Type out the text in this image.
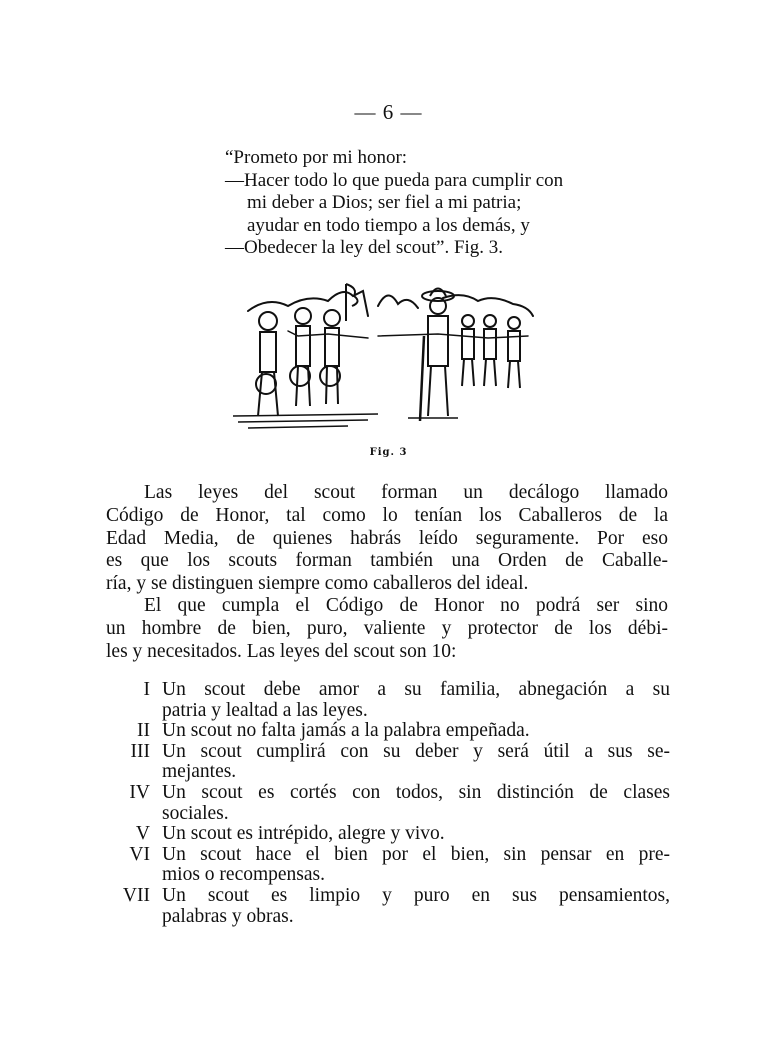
— 6 —
“Prometo por mi honor:
—Hacer todo lo que pueda para cumplir con
mi deber a Dios; ser fiel a mi patria;
ayudar en todo tiempo a los demás, y
—Obedecer la ley del scout”. Fig. 3.
Fig. 3
Las leyes del scout forman un decálogo llamado
Código de Honor, tal como lo tenían los Caballeros de la
Edad Media, de quienes habrás leído seguramente. Por eso
es que los scouts forman también una Orden de Caballe-
ría, y se distinguen siempre como caballeros del ideal.
El que cumpla el Código de Honor no podrá ser sino
un hombre de bien, puro, valiente y protector de los débi-
les y necesitados. Las leyes del scout son 10:
I Un scout debe amor a su familia, abnegación a su
patria y lealtad a las leyes.
II Un scout no falta jamás a la palabra empeñada.
III Un scout cumplirá con su deber y será útil a sus se-
mejantes.
IV Un scout es cortés con todos, sin distinción de clases
sociales.
V Un scout es intrépido, alegre y vivo.
VI Un scout hace el bien por el bien, sin pensar en pre-
mios o recompensas.
VII Un scout es limpio y puro en sus pensamientos,
palabras y obras.
